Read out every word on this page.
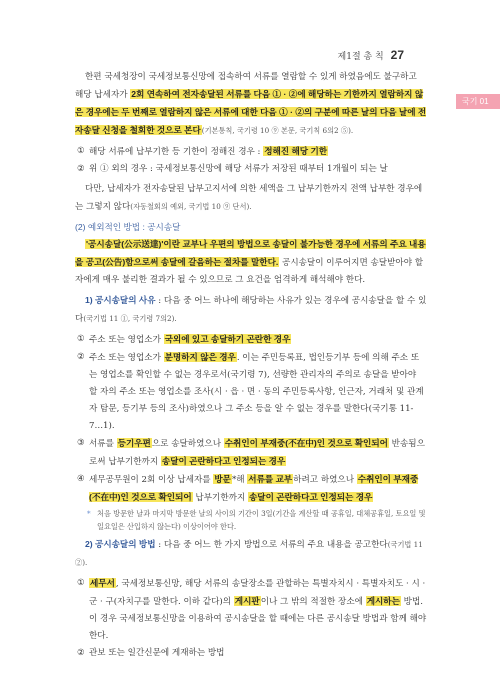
제1절 총 칙 27
국기 01

한편 국세청장이 국세정보통신망에 접속하여 서류를 열람할 수 있게 하였음에도 불구하고 해당 납세자가 2회 연속하여 전자송달된 서류를 다음 ① · ②에 해당하는 기한까지 열람하지 않은 경우에는 두 번째로 열람하지 않은 서류에 대한 다음 ① · ②의 구분에 따른 날의 다음 날에 전자송달 신청을 철회한 것으로 본다(기본통칙, 국기령 10 ⑨ 본문, 국기칙 6의2 ⑤).

① 해당 서류에 납부기한 등 기한이 정해진 경우 : 정해진 해당 기한

② 위 ① 외의 경우 : 국세정보통신망에 해당 서류가 저장된 때부터 1개월이 되는 날

다만, 납세자가 전자송달된 납부고지서에 의한 세액을 그 납부기한까지 전액 납부한 경우에는 그렇지 않다(자동철회의 예외, 국기법 10 ⑨ 단서).

(2) 예외적인 방법 : 공시송달

'공시송달(公示送達)'이란 교부나 우편의 방법으로 송달이 불가능한 경우에 서류의 주요 내용을 공고(公告)함으로써 송달에 갈음하는 절차를 말한다. 공시송달이 이루어지면 송달받아야 할 자에게 매우 불리한 결과가 될 수 있으므로 그 요건을 엄격하게 해석해야 한다.

1) 공시송달의 사유 : 다음 중 어느 하나에 해당하는 사유가 있는 경우에 공시송달을 할 수 있다(국기법 11 ①, 국기령 7의2).

① 주소 또는 영업소가 국외에 있고 송달하기 곤란한 경우

② 주소 또는 영업소가 분명하지 않은 경우. 이는 주민등록표, 법인등기부 등에 의해 주소 또는 영업소를 확인할 수 없는 경우로서(국기령 7), 선량한 관리자의 주의로 송달을 받아야 할 자의 주소 또는 영업소를 조사(시 · 읍 · 면 · 동의 주민등록사항, 인근자, 거래처 및 관계자 탐문, 등기부 등의 조사)하였으나 그 주소 등을 알 수 없는 경우를 말한다(국기통 11-7…1).

③ 서류를 등기우편으로 송달하였으나 수취인이 부재중(不在中)인 것으로 확인되어 반송됨으로써 납부기한까지 송달이 곤란하다고 인정되는 경우

④ 세무공무원이 2회 이상 납세자를 방문*해 서류를 교부하려고 하였으나 수취인이 부재중(不在中)인 것으로 확인되어 납부기한까지 송달이 곤란하다고 인정되는 경우

* 처음 방문한 날과 마지막 방문한 날의 사이의 기간이 3일(기간을 계산할 때 공휴일, 대체공휴일, 토요일 및 일요일은 산입하지 않는다) 이상이어야 한다.

2) 공시송달의 방법 : 다음 중 어느 한 가지 방법으로 서류의 주요 내용을 공고한다(국기법 11 ②).

① 세무서, 국세정보통신망, 해당 서류의 송달장소를 관할하는 특별자치시 · 특별자치도 · 시 · 군 · 구(자치구를 말한다. 이하 같다)의 게시판이나 그 밖의 적절한 장소에 게시하는 방법. 이 경우 국세정보통신망을 이용하여 공시송달을 할 때에는 다른 공시송달 방법과 함께 해야 한다.

② 관보 또는 일간신문에 게재하는 방법
